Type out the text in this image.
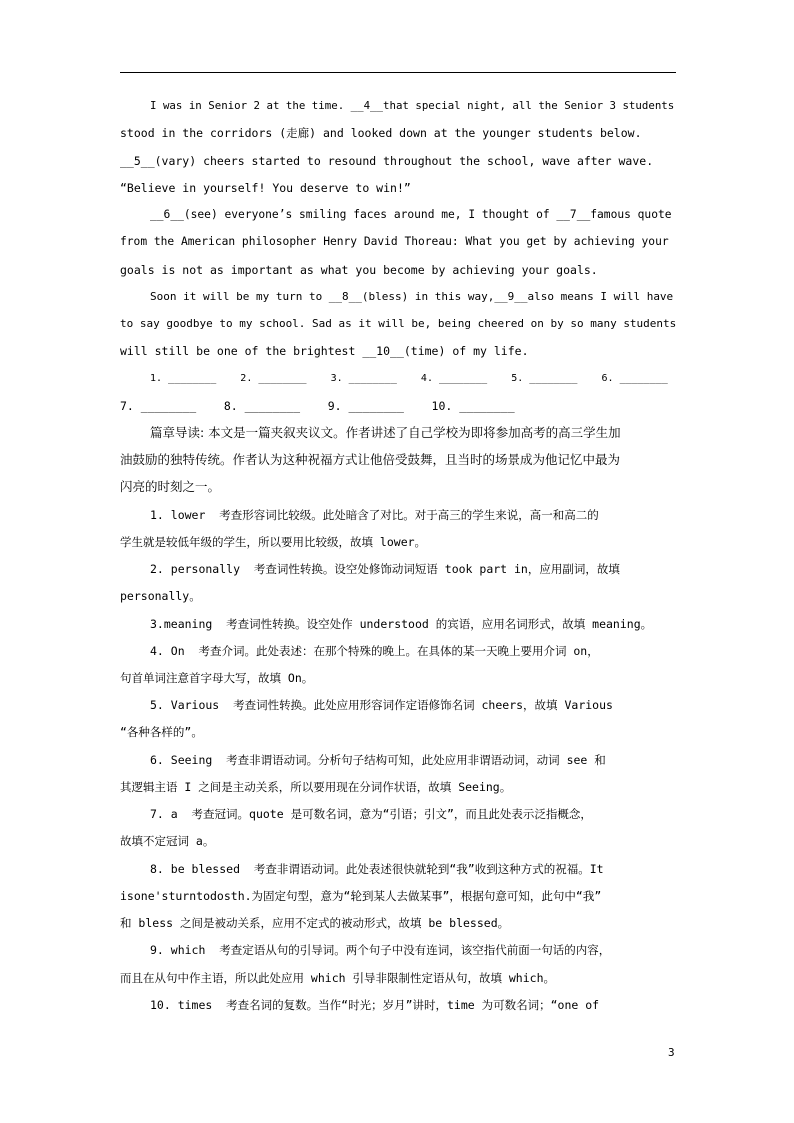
I was in Senior 2 at the time. __4__that special night, all the Senior 3 students
stood in the corridors (走廊) and looked down at the younger students below.
__5__(vary) cheers started to resound throughout the school, wave after wave.
“Believe in yourself! You deserve to win!”
__6__(see) everyone’s smiling faces around me, I thought of __7__famous quote
from the American philosopher Henry David Thoreau: What you get by achieving your
goals is not as important as what you become by achieving your goals.
Soon it will be my turn to __8__(bless) in this way,__9__also means I will have
to say goodbye to my school. Sad as it will be, being cheered on by so many students
will still be one of the brightest __10__(time) of my life.
1. ________    2. ________    3. ________    4. ________    5. ________    6. ________
7. ________    8. ________    9. ________    10. ________
篇章导读: 本文是一篇夹叙夹议文。作者讲述了自己学校为即将参加高考的高三学生加
油鼓励的独特传统。作者认为这种祝福方式让他倍受鼓舞，且当时的场景成为他记忆中最为
闪亮的时刻之一。
1. lower  考查形容词比较级。此处暗含了对比。对于高三的学生来说，高一和高二的
学生就是较低年级的学生，所以要用比较级，故填 lower。
2. personally  考查词性转换。设空处修饰动词短语 took part in，应用副词，故填
personally。
3.meaning  考查词性转换。设空处作 understood 的宾语，应用名词形式，故填 meaning。
4. On  考查介词。此处表述：在那个特殊的晚上。在具体的某一天晚上要用介词 on，
句首单词注意首字母大写，故填 On。
5. Various  考查词性转换。此处应用形容词作定语修饰名词 cheers，故填 Various
“各种各样的”。
6. Seeing  考查非谓语动词。分析句子结构可知，此处应用非谓语动词，动词 see 和
其逻辑主语 I 之间是主动关系，所以要用现在分词作状语，故填 Seeing。
7. a  考查冠词。quote 是可数名词，意为“引语；引文”，而且此处表示泛指概念，
故填不定冠词 a。
8. be blessed  考查非谓语动词。此处表述很快就轮到“我”收到这种方式的祝福。It
isone'sturntodosth.为固定句型，意为“轮到某人去做某事”，根据句意可知，此句中“我”
和 bless 之间是被动关系，应用不定式的被动形式，故填 be blessed。
9. which  考查定语从句的引导词。两个句子中没有连词，该空指代前面一句话的内容，
而且在从句中作主语，所以此处应用 which 引导非限制性定语从句，故填 which。
10. times  考查名词的复数。当作“时光；岁月”讲时，time 为可数名词；“one of
3
